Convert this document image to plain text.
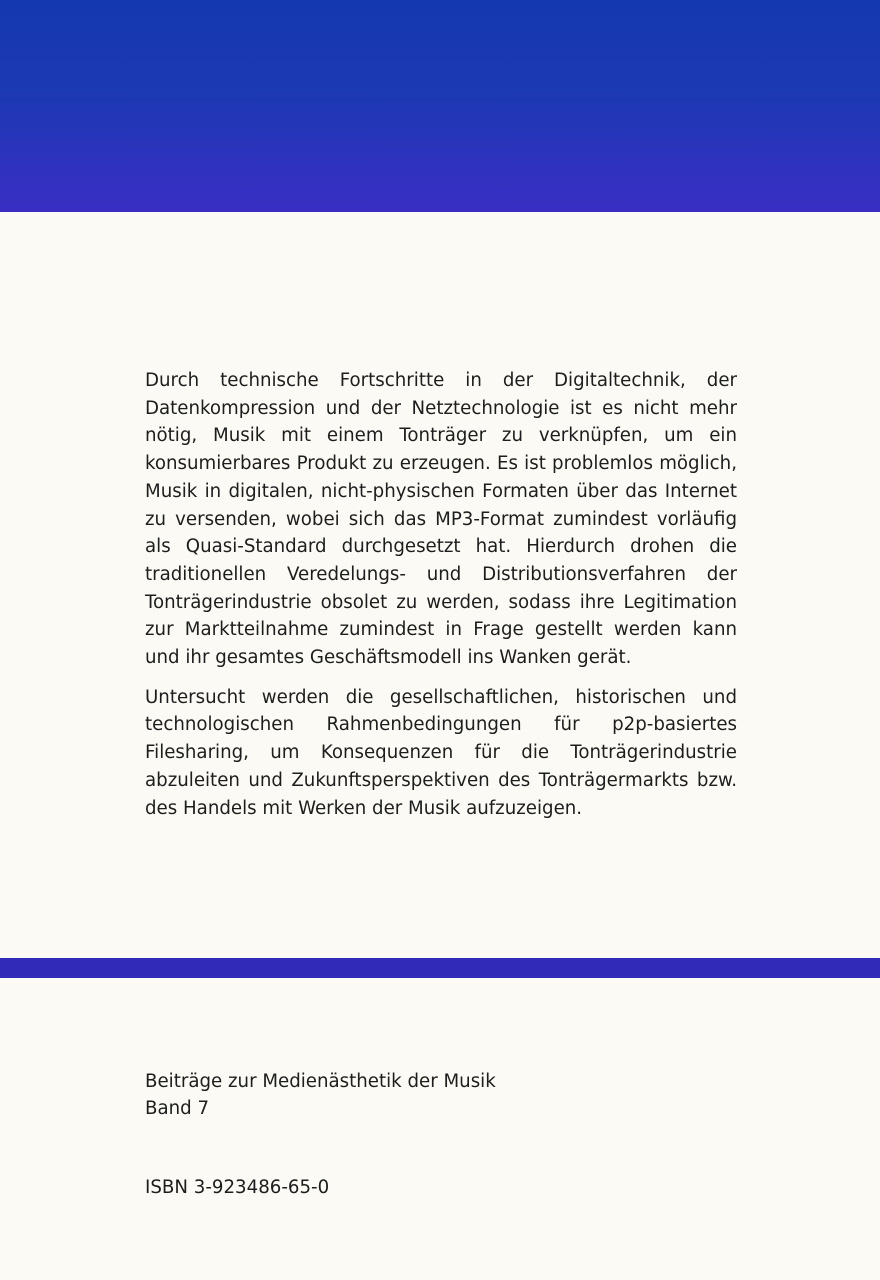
Durch technische Fortschritte in der Digitaltechnik, der Datenkompression und der Netztechnologie ist es nicht mehr nötig, Musik mit einem Tonträger zu verknüpfen, um ein konsumierbares Produkt zu erzeugen. Es ist problemlos möglich, Musik in digitalen, nicht-physischen Formaten über das Internet zu versenden, wobei sich das MP3-Format zumindest vorläufig als Quasi-Standard durchgesetzt hat. Hierdurch drohen die traditionellen Veredelungs- und Distributionsverfahren der Tonträgerindustrie obsolet zu werden, sodass ihre Legitimation zur Marktteilnahme zumindest in Frage gestellt werden kann und ihr gesamtes Geschäftsmodell ins Wanken gerät.

Untersucht werden die gesellschaftlichen, historischen und technologischen Rahmenbedingungen für p2p-basiertes Filesharing, um Konsequenzen für die Tonträgerindustrie abzuleiten und Zukunftsperspektiven des Tonträgermarkts bzw. des Handels mit Werken der Musik aufzuzeigen.

Beiträge zur Medienästhetik der Musik
Band 7
ISBN 3-923486-65-0
